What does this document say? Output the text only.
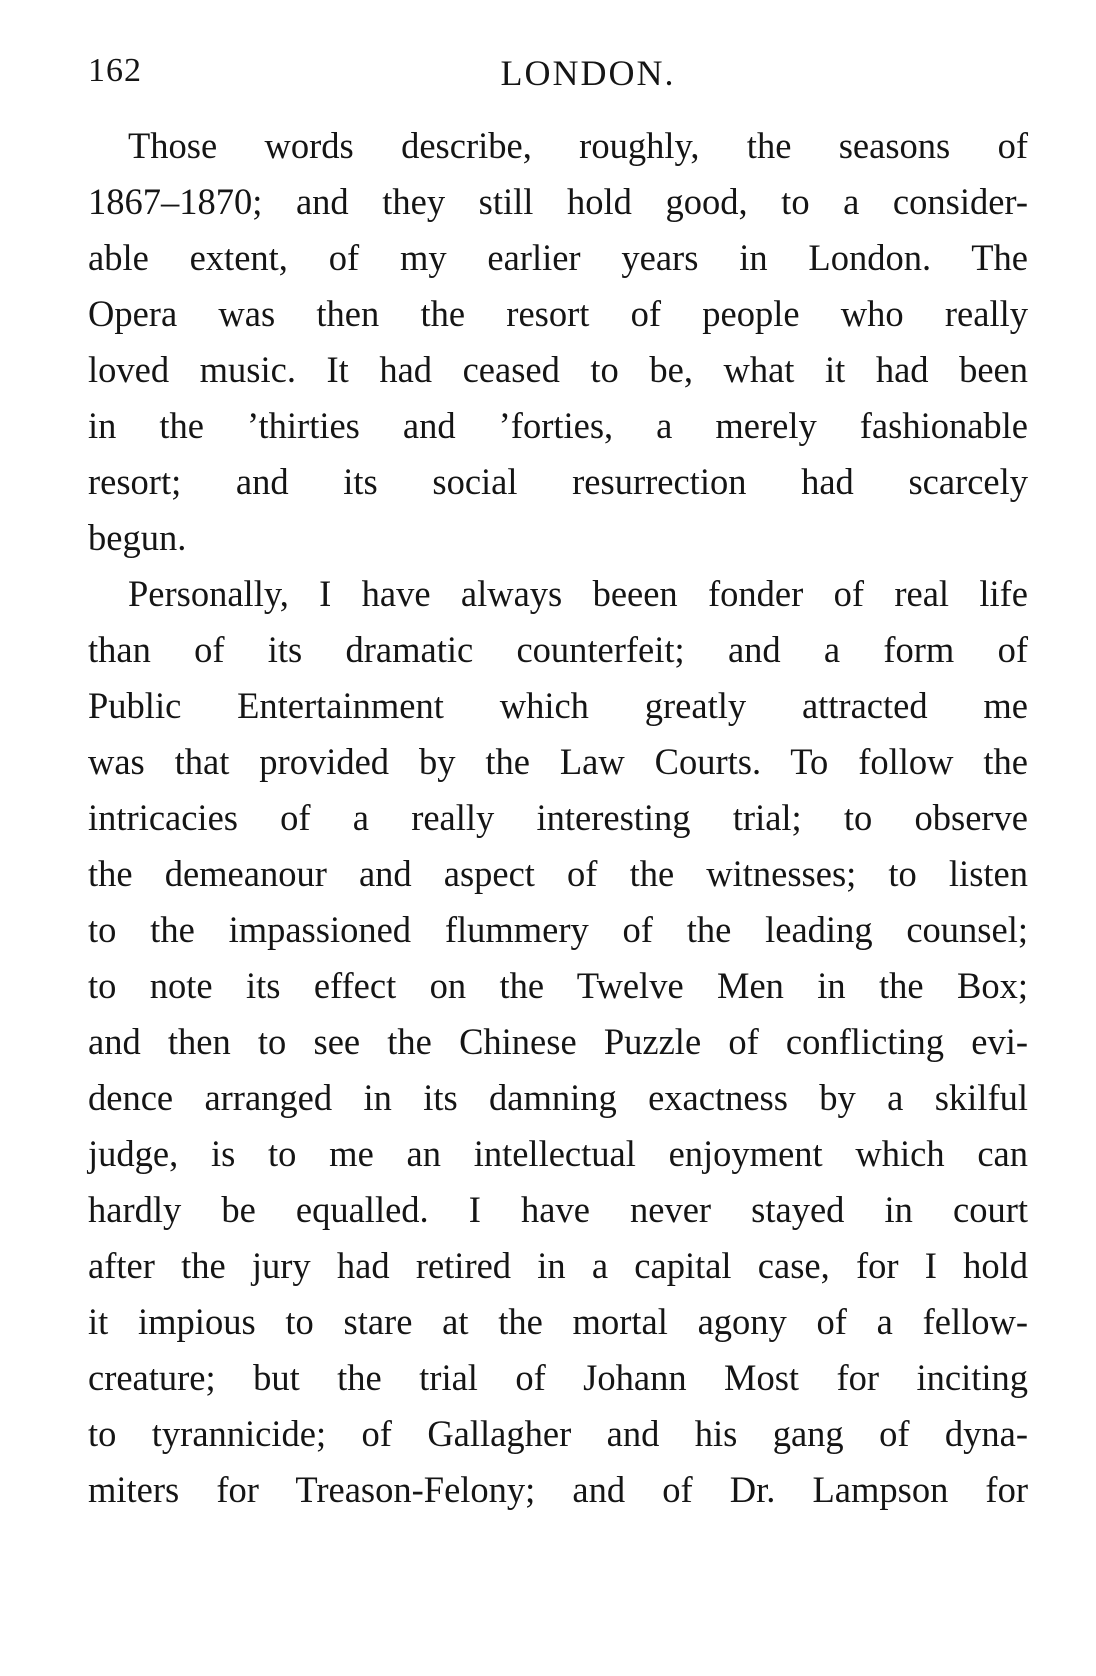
162	LONDON.
Those words describe, roughly, the seasons of
1867–1870; and they still hold good, to a consider-
able extent, of my earlier years in London. The
Opera was then the resort of people who really
loved music. It had ceased to be, what it had been
in the ’thirties and ’forties, a merely fashionable
resort; and its social resurrection had scarcely
begun.
Personally, I have always beeen fonder of real life
than of its dramatic counterfeit; and a form of
Public Entertainment which greatly attracted me
was that provided by the Law Courts. To follow the
intricacies of a really interesting trial; to observe
the demeanour and aspect of the witnesses; to listen
to the impassioned flummery of the leading counsel;
to note its effect on the Twelve Men in the Box;
and then to see the Chinese Puzzle of conflicting evi-
dence arranged in its damning exactness by a skilful
judge, is to me an intellectual enjoyment which can
hardly be equalled. I have never stayed in court
after the jury had retired in a capital case, for I hold
it impious to stare at the mortal agony of a fellow-
creature; but the trial of Johann Most for inciting
to tyrannicide; of Gallagher and his gang of dyna-
miters for Treason-Felony; and of Dr. Lampson for
